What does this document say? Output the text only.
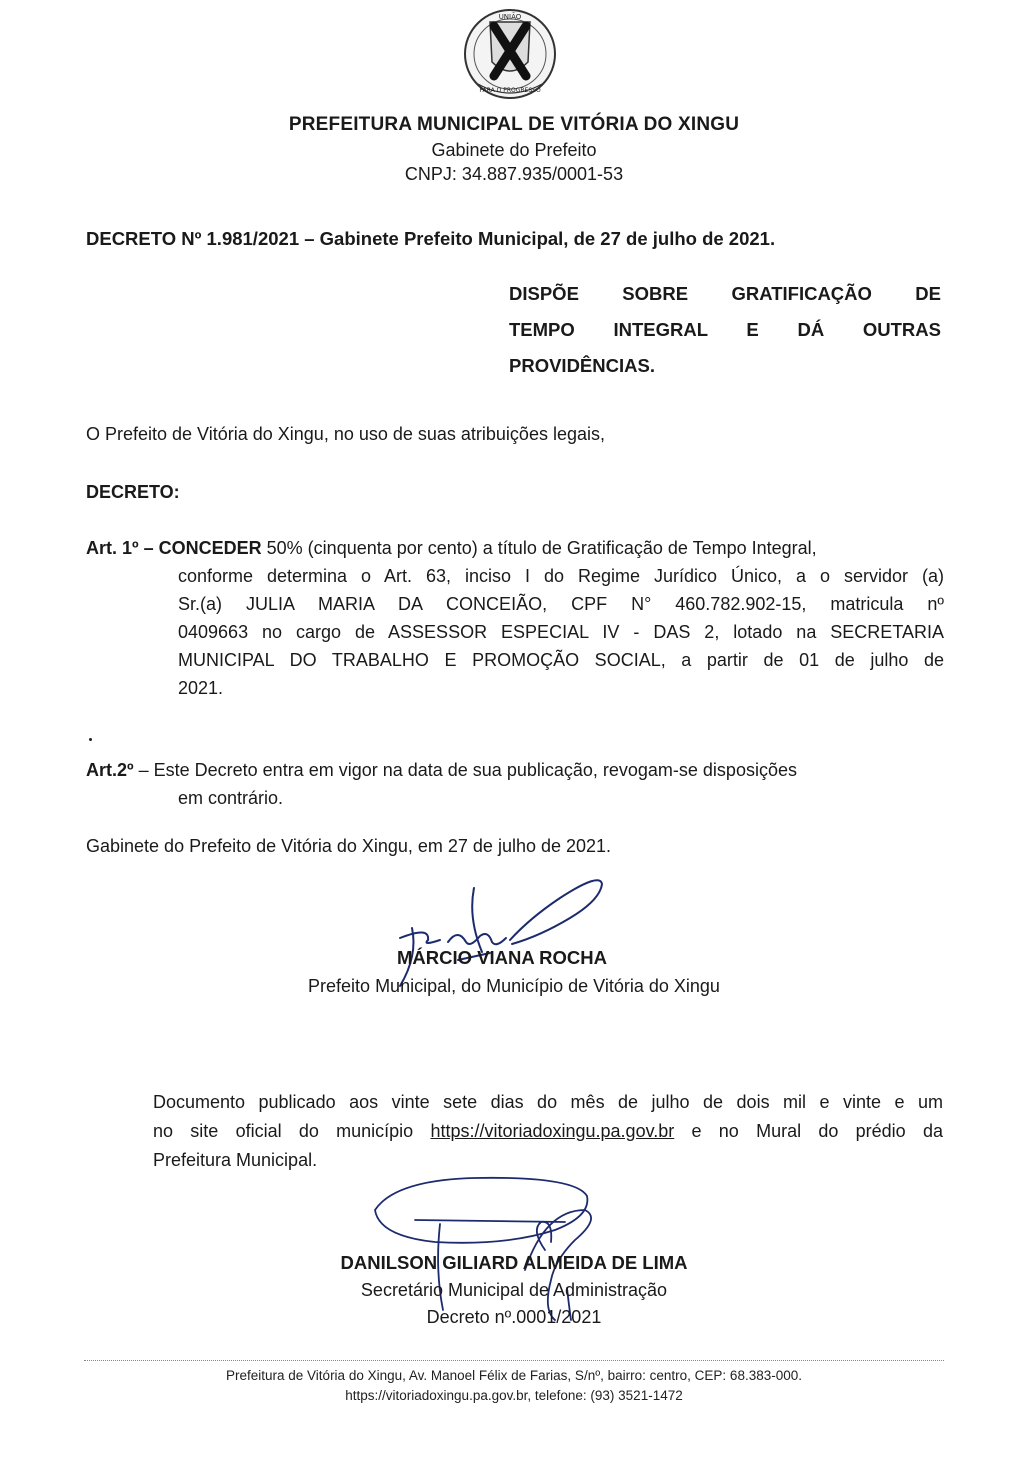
UNIÃO
PARA O PROGRESSO
PREFEITURA MUNICIPAL DE VITÓRIA DO XINGU
Gabinete do Prefeito
CNPJ: 34.887.935/0001-53
DECRETO Nº 1.981/2021 – Gabinete Prefeito Municipal, de 27 de julho de 2021.
DISPÕE SOBRE GRATIFICAÇÃO DE
TEMPO INTEGRAL E DÁ OUTRAS
PROVIDÊNCIAS.
O Prefeito de Vitória do Xingu, no uso de suas atribuições legais,
DECRETO:
Art. 1º – CONCEDER 50% (cinquenta por cento) a título de Gratificação de Tempo Integral,
conforme determina o Art. 63, inciso I do Regime Jurídico Único, a o servidor (a)
Sr.(a) JULIA MARIA DA CONCEIÃO, CPF N° 460.782.902-15, matricula nº
0409663 no cargo de ASSESSOR ESPECIAL IV - DAS 2, lotado na SECRETARIA
MUNICIPAL DO TRABALHO E PROMOÇÃO SOCIAL, a partir de 01 de julho de
2021.
Art.2º – Este Decreto entra em vigor na data de sua publicação, revogam-se disposições
em contrário.
Gabinete do Prefeito de Vitória do Xingu, em 27 de julho de 2021.
MÁRCIO VIANA ROCHA
Prefeito Municipal, do Município de Vitória do Xingu
Documento publicado aos vinte sete dias do mês de julho de dois mil e vinte e um
no site oficial do município https://vitoriadoxingu.pa.gov.br e no Mural do prédio da
Prefeitura Municipal.
DANILSON GILIARD ALMEIDA DE LIMA
Secretário Municipal de Administração
Decreto nº.0001/2021
Prefeitura de Vitória do Xingu, Av. Manoel Félix de Farias, S/nº, bairro: centro, CEP: 68.383-000.
https://vitoriadoxingu.pa.gov.br, telefone: (93) 3521-1472
